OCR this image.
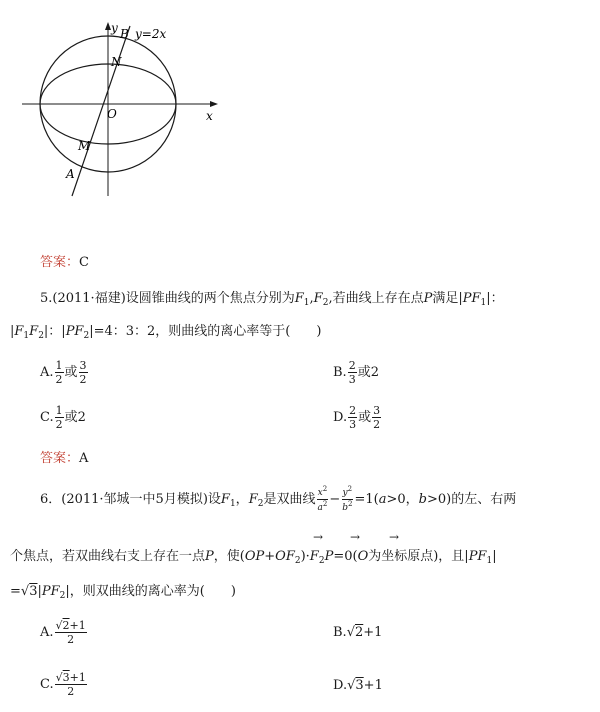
y B y=2x
N
O	x
M
A
答案：C
5.(2011·福建)设圆锥曲线的两个焦点分别为$F_1,F_2$,若曲线上存在点P满足$|PF_1|$：
$|F_1F_2|$：$|PF_2|=4$：3：2，则曲线的离心率等于(　　)
A. $\frac{1}{2}$ 或 $\frac{3}{2}$	B. $\frac{2}{3}$ 或2
C. $\frac{1}{2}$ 或2	D. $\frac{2}{3}$ 或 $\frac{3}{2}$
答案：A
6．(2011·邹城一中5月模拟)设$F_1$，$F_2$是双曲线 $\frac{x^2}{a^2} - \frac{y^2}{b^2} =1(a>0$，b>0)的左、右两
→ → →
个焦点，若双曲线右支上存在一点P，使$(OP+OF_2)\cdot F_2P=0(O$为坐标原点)，且$|PF_1|$
$=√3|PF_2|$，则双曲线的离心率为(　　)
A. $\frac{√2+1}{2}$	B.√2+1
C. $\frac{√3+1}{2}$	D.√3+1
